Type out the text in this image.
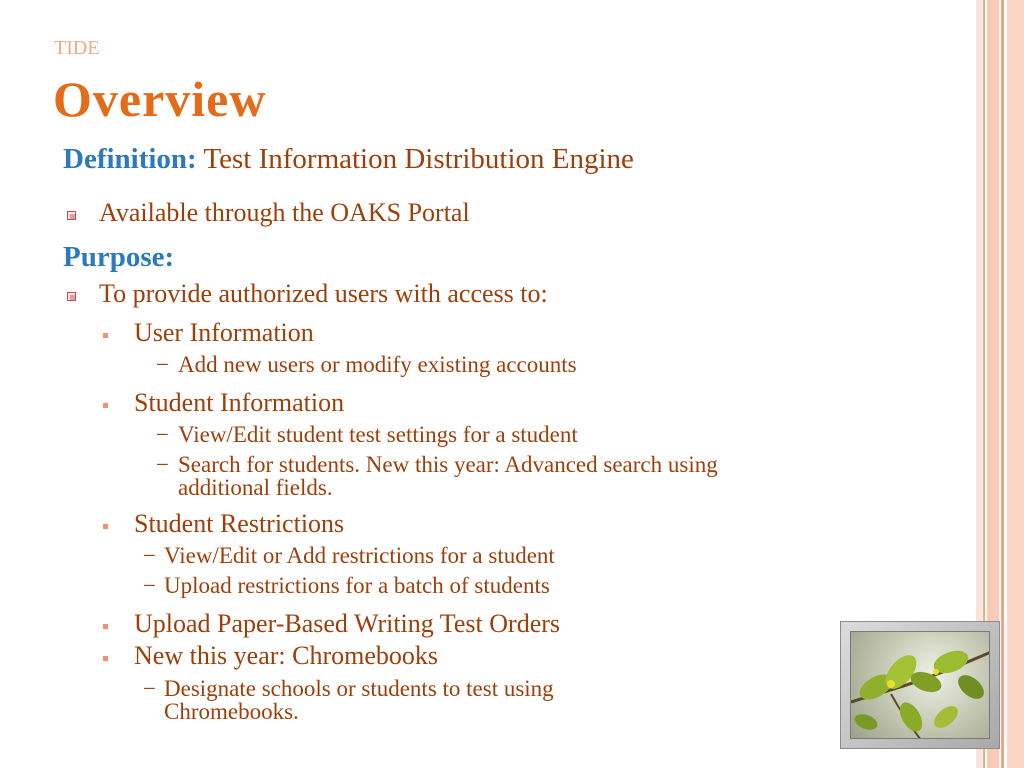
TIDE
Overview
Definition: Test Information Distribution Engine
Available through the OAKS Portal
Purpose:
To provide authorized users with access to:
User Information
− Add new users or modify existing accounts
Student Information
− View/Edit student test settings for a student
− Search for students. New this year: Advanced search using
additional fields.
Student Restrictions
− View/Edit or Add restrictions for a student
− Upload restrictions for a batch of students
Upload Paper-Based Writing Test Orders
New this year: Chromebooks
− Designate schools or students to test using
Chromebooks.
